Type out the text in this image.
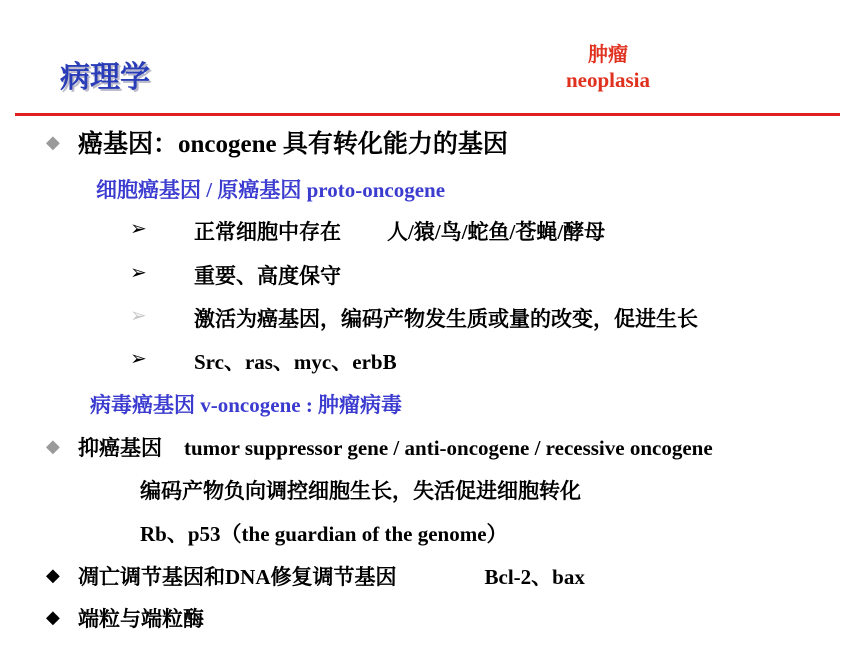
病理学
肿瘤
neoplasia
◆ 癌基因：oncogene 具有转化能力的基因
细胞癌基因 / 原癌基因 proto-oncogene
➢ 正常细胞中存在 人/猿/鸟/蛇鱼/苍蝇/酵母
➢ 重要、高度保守
➢ 激活为癌基因，编码产物发生质或量的改变，促进生长
➢ Src、ras、myc、erbB
病毒癌基因 v-oncogene : 肿瘤病毒
◆ 抑癌基因 tumor suppressor gene / anti-oncogene / recessive oncogene
编码产物负向调控细胞生长，失活促进细胞转化
Rb、p53（the guardian of the genome）
◆ 凋亡调节基因和DNA修复调节基因	Bcl-2、bax
◆ 端粒与端粒酶
